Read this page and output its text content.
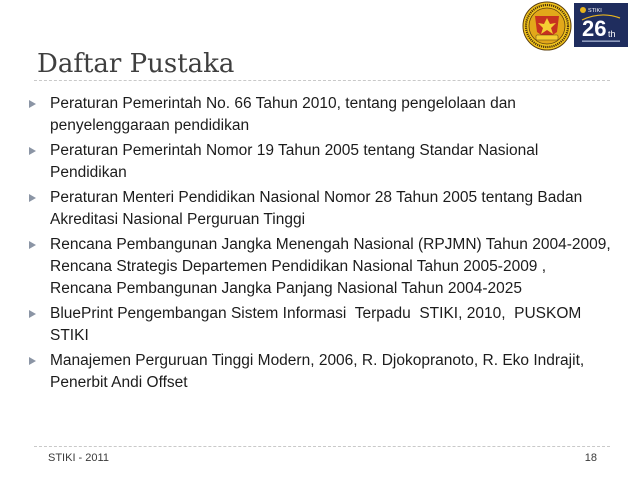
STIKI
26 th
Daftar Pustaka
Peraturan Pemerintah No. 66 Tahun 2010, tentang pengelolaan dan
penyelenggaraan pendidikan
Peraturan Pemerintah Nomor 19 Tahun 2005 tentang Standar Nasional
Pendidikan
Peraturan Menteri Pendidikan Nasional Nomor 28 Tahun 2005 tentang Badan
Akreditasi Nasional Perguruan Tinggi
Rencana Pembangunan Jangka Menengah Nasional (RPJMN) Tahun 2004-2009,
Rencana Strategis Departemen Pendidikan Nasional Tahun 2005-2009 ,
Rencana Pembangunan Jangka Panjang Nasional Tahun 2004-2025
BluePrint Pengembangan Sistem Informasi  Terpadu  STIKI, 2010,  PUSKOM
STIKI
Manajemen Perguruan Tinggi Modern, 2006, R. Djokopranoto, R. Eko Indrajit,
Penerbit Andi Offset
STIKI - 2011	18
